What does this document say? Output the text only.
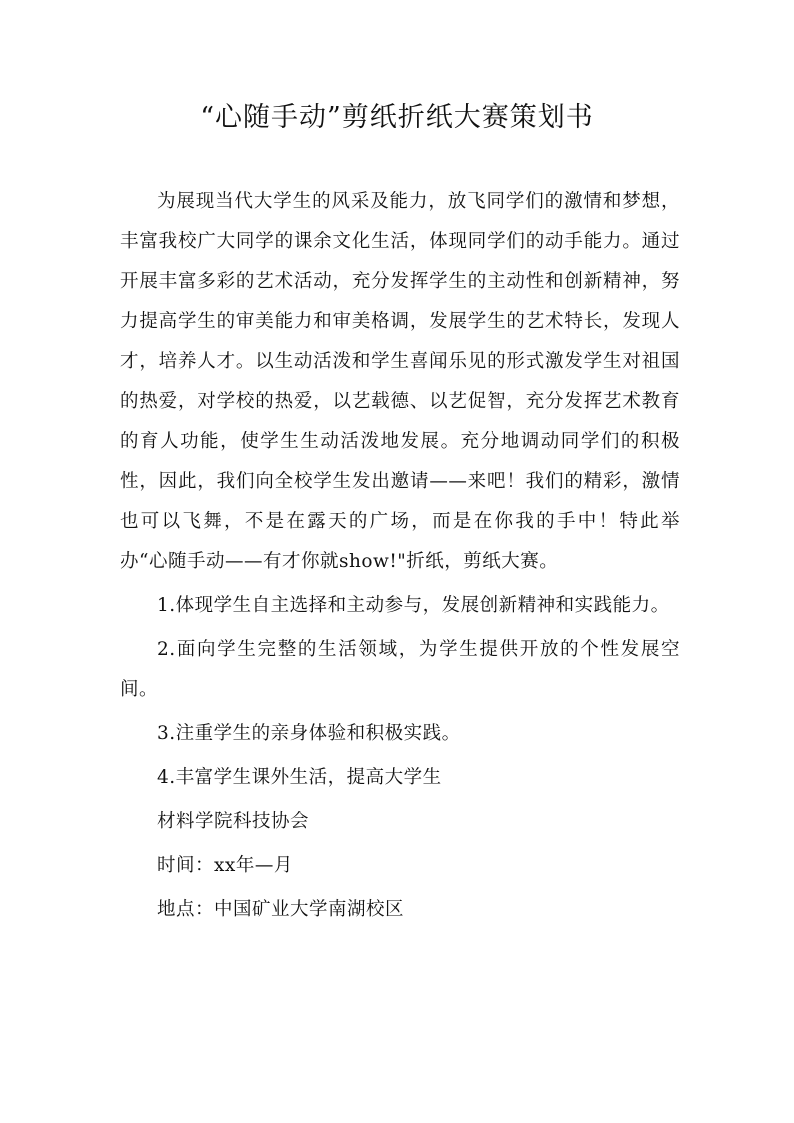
“心随手动”剪纸折纸大赛策划书

为展现当代大学生的风采及能力，放飞同学们的激情和梦想，丰富我校广大同学的课余文化生活，体现同学们的动手能力。通过开展丰富多彩的艺术活动，充分发挥学生的主动性和创新精神，努力提高学生的审美能力和审美格调，发展学生的艺术特长，发现人才，培养人才。以生动活泼和学生喜闻乐见的形式激发学生对祖国的热爱，对学校的热爱，以艺载德、以艺促智，充分发挥艺术教育的育人功能，使学生生动活泼地发展。充分地调动同学们的积极性，因此，我们向全校学生发出邀请——来吧！我们的精彩，激情也可以飞舞，不是在露天的广场，而是在你我的手中！特此举办“心随手动——有才你就show!"折纸，剪纸大赛。

1.体现学生自主选择和主动参与，发展创新精神和实践能力。

2.面向学生完整的生活领域，为学生提供开放的个性发展空间。

3.注重学生的亲身体验和积极实践。

4.丰富学生课外生活，提高大学生

材料学院科技协会

时间：xx年—月

地点：中国矿业大学南湖校区
